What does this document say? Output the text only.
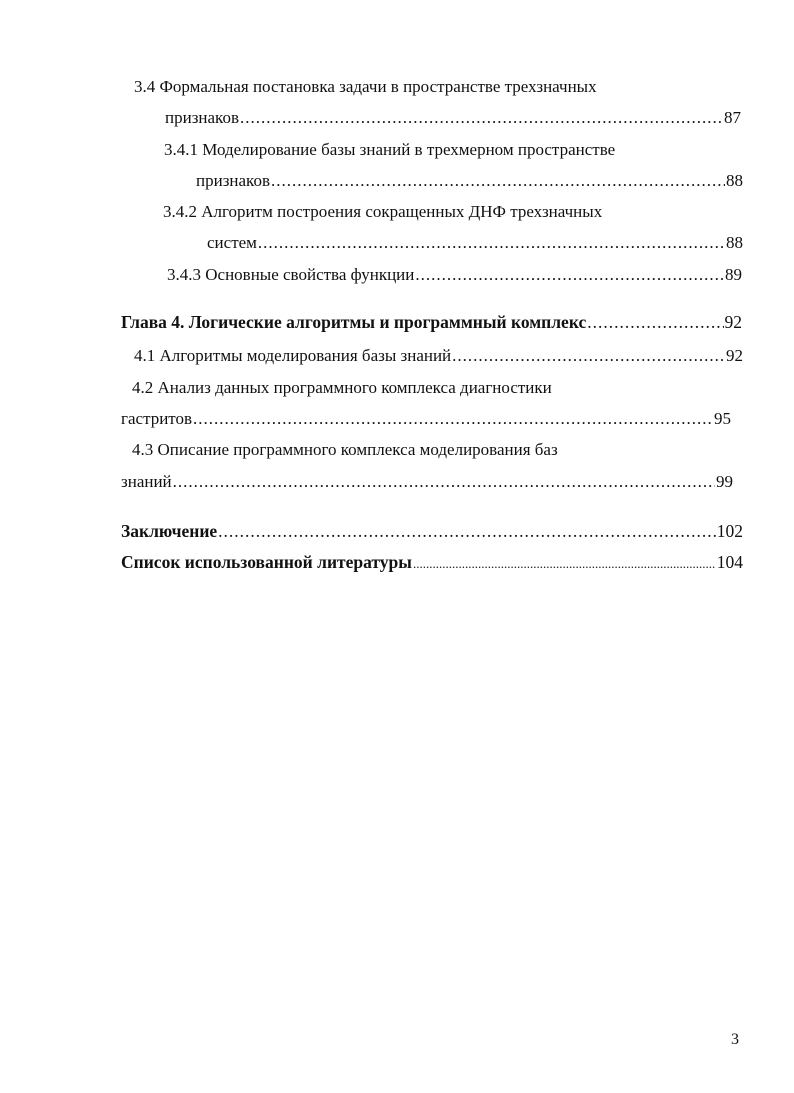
3.4 Формальная постановка задачи в пространстве трехзначных
признаков .....	87
3.4.1 Моделирование базы знаний в трехмерном пространстве
признаков .....	88
3.4.2 Алгоритм построения сокращенных ДНФ трехзначных
систем .....	88
3.4.3 Основные свойства функции .....	89
Глава 4. Логические алгоритмы и программный комплекс .....	92
4.1 Алгоритмы моделирования базы знаний .....	92
4.2 Анализ данных программного комплекса диагностики
гастритов .....	95
4.3 Описание программного комплекса моделирования баз
знаний .....	99
Заключение .....	102
Список использованной литературы .....	104
3
